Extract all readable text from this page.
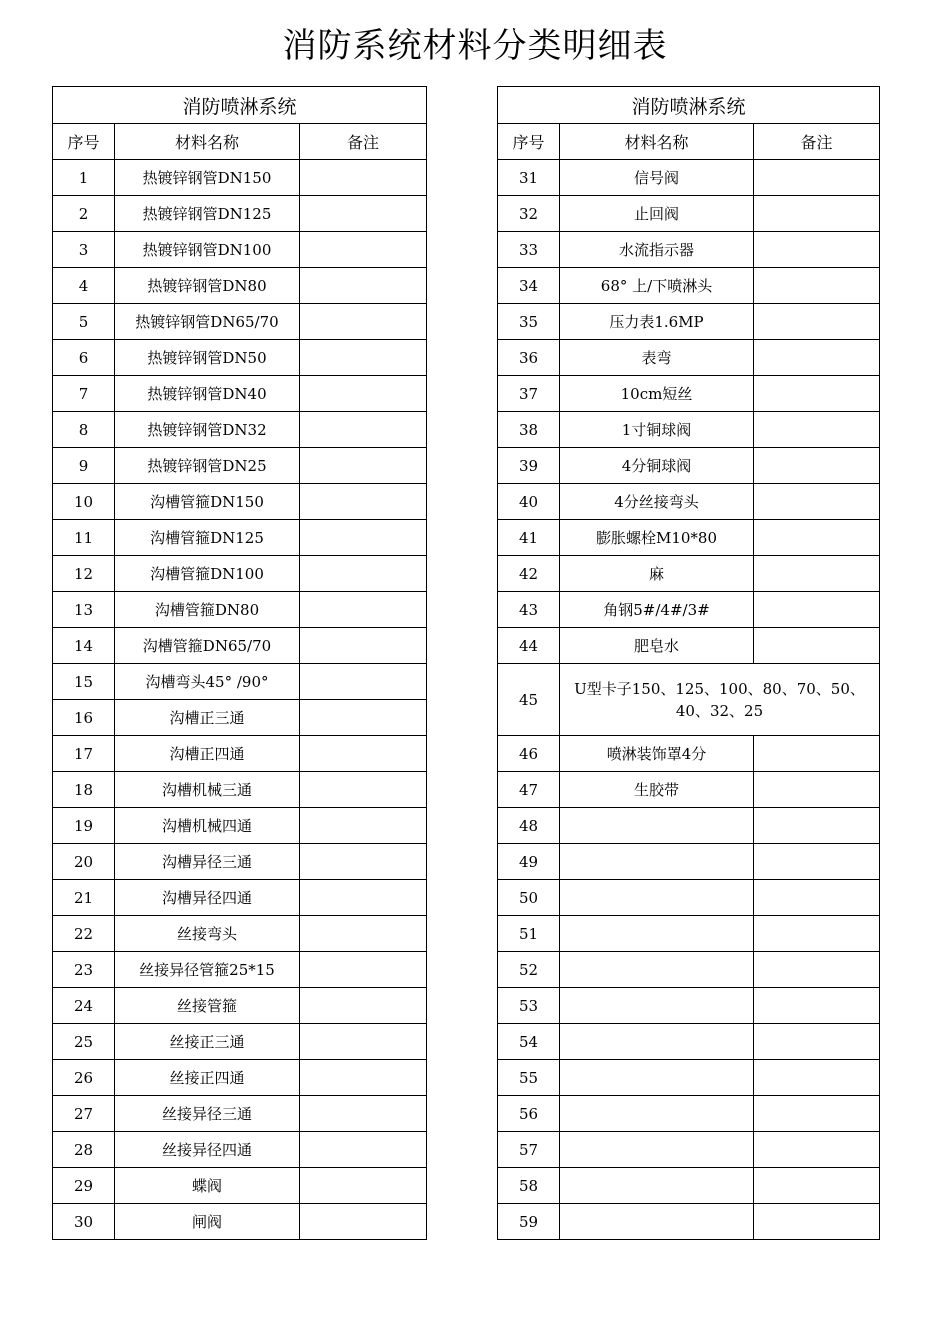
消防系统材料分类明细表
消防喷淋系统		
序号	材料名称	备注
1	热镀锌钢管DN150	
2	热镀锌钢管DN125	
3	热镀锌钢管DN100	
4	热镀锌钢管DN80	
5	热镀锌钢管DN65/70	
6	热镀锌钢管DN50	
7	热镀锌钢管DN40	
8	热镀锌钢管DN32	
9	热镀锌钢管DN25	
10	沟槽管箍DN150	
11	沟槽管箍DN125	
12	沟槽管箍DN100	
13	沟槽管箍DN80	
14	沟槽管箍DN65/70	
15	沟槽弯头45° /90°	
16	沟槽正三通	
17	沟槽正四通	
18	沟槽机械三通	
19	沟槽机械四通	
20	沟槽异径三通	
21	沟槽异径四通	
22	丝接弯头	
23	丝接异径管箍25*15	
24	丝接管箍	
25	丝接正三通	
26	丝接正四通	
27	丝接异径三通	
28	丝接异径四通	
29	蝶阀	
30	闸阀	
消防喷淋系统		
序号	材料名称	备注
31	信号阀	
32	止回阀	
33	水流指示器	
34	68° 上/下喷淋头	
35	压力表1.6MP	
36	表弯	
37	10cm短丝	
38	1寸铜球阀	
39	4分铜球阀	
40	4分丝接弯头	
41	膨胀螺栓M10*80	
42	麻	
43	角钢5#/4#/3#	
44	肥皂水	
45	U型卡子150、125、100、80、70、50、40、32、25	
46	喷淋装饰罩4分	
47	生胶带	
48		
49		
50		
51		
52		
53		
54		
55		
56		
57		
58		
59		
